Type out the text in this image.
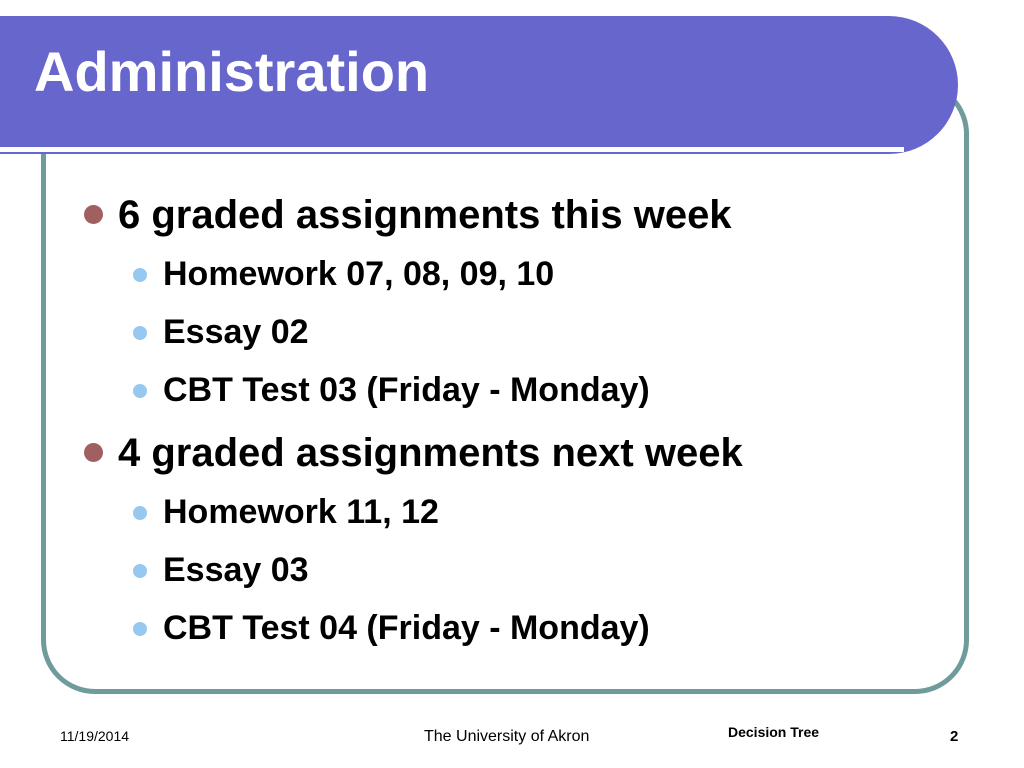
Administration
6 graded assignments this week
Homework 07, 08, 09, 10
Essay 02
CBT Test 03 (Friday - Monday)
4 graded assignments next week
Homework 11, 12
Essay 03
CBT Test 04 (Friday - Monday)
11/19/2014	The University of Akron	Decision Tree	2
